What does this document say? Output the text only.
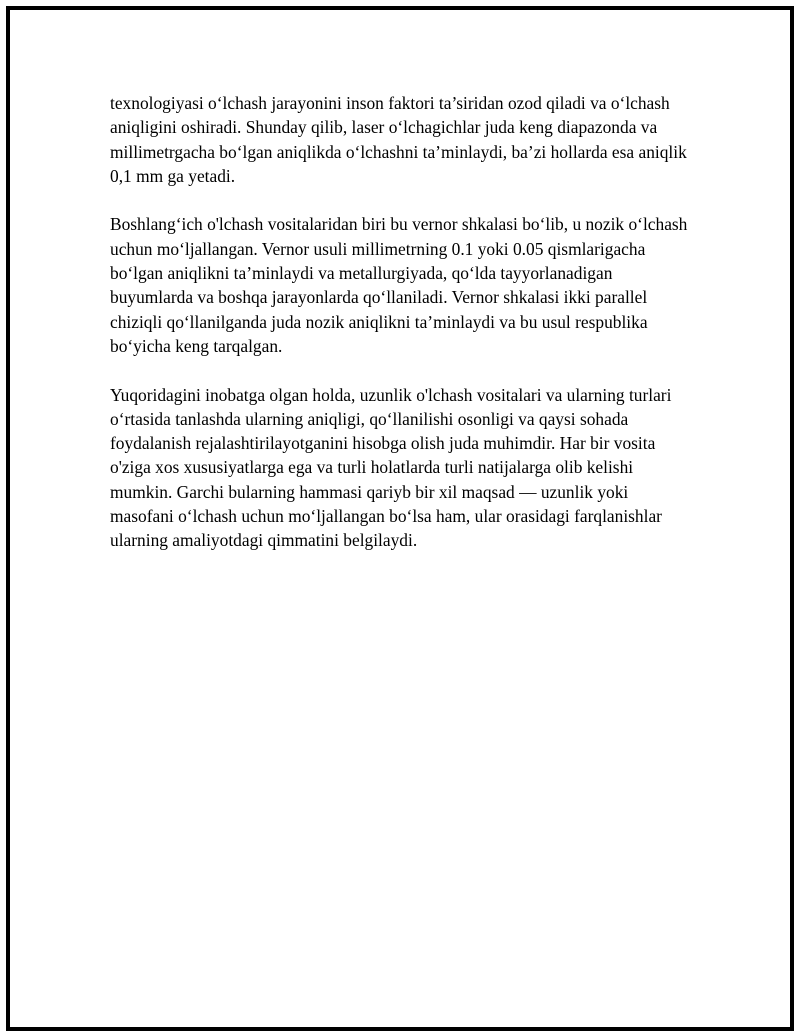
texnologiyasi o‘lchash jarayonini inson faktori ta’siridan ozod qiladi va o‘lchash aniqligini oshiradi. Shunday qilib, laser o‘lchagichlar juda keng diapazonda va millimetrgacha bo‘lgan aniqlikda o‘lchashni ta’minlaydi, ba’zi hollarda esa aniqlik 0,1 mm ga yetadi.

Boshlang‘ich o'lchash vositalaridan biri bu vernor shkalasi bo‘lib, u nozik o‘lchash uchun mo‘ljallangan. Vernor usuli millimetrning 0.1 yoki 0.05 qismlarigacha bo‘lgan aniqlikni ta’minlaydi va metallurgiyada, qo‘lda tayyorlanadigan buyumlarda va boshqa jarayonlarda qo‘llaniladi. Vernor shkalasi ikki parallel chiziqli qo‘llanilganda juda nozik aniqlikni ta’minlaydi va bu usul respublika bo‘yicha keng tarqalgan.

Yuqoridagini inobatga olgan holda, uzunlik o'lchash vositalari va ularning turlari o‘rtasida tanlashda ularning aniqligi, qo‘llanilishi osonligi va qaysi sohada foydalanish rejalashtirilayotganini hisobga olish juda muhimdir. Har bir vosita o'ziga xos xususiyatlarga ega va turli holatlarda turli natijalarga olib kelishi mumkin. Garchi bularning hammasi qariyb bir xil maqsad — uzunlik yoki masofani o‘lchash uchun mo‘ljallangan bo‘lsa ham, ular orasidagi farqlanishlar ularning amaliyotdagi qimmatini belgilaydi.
